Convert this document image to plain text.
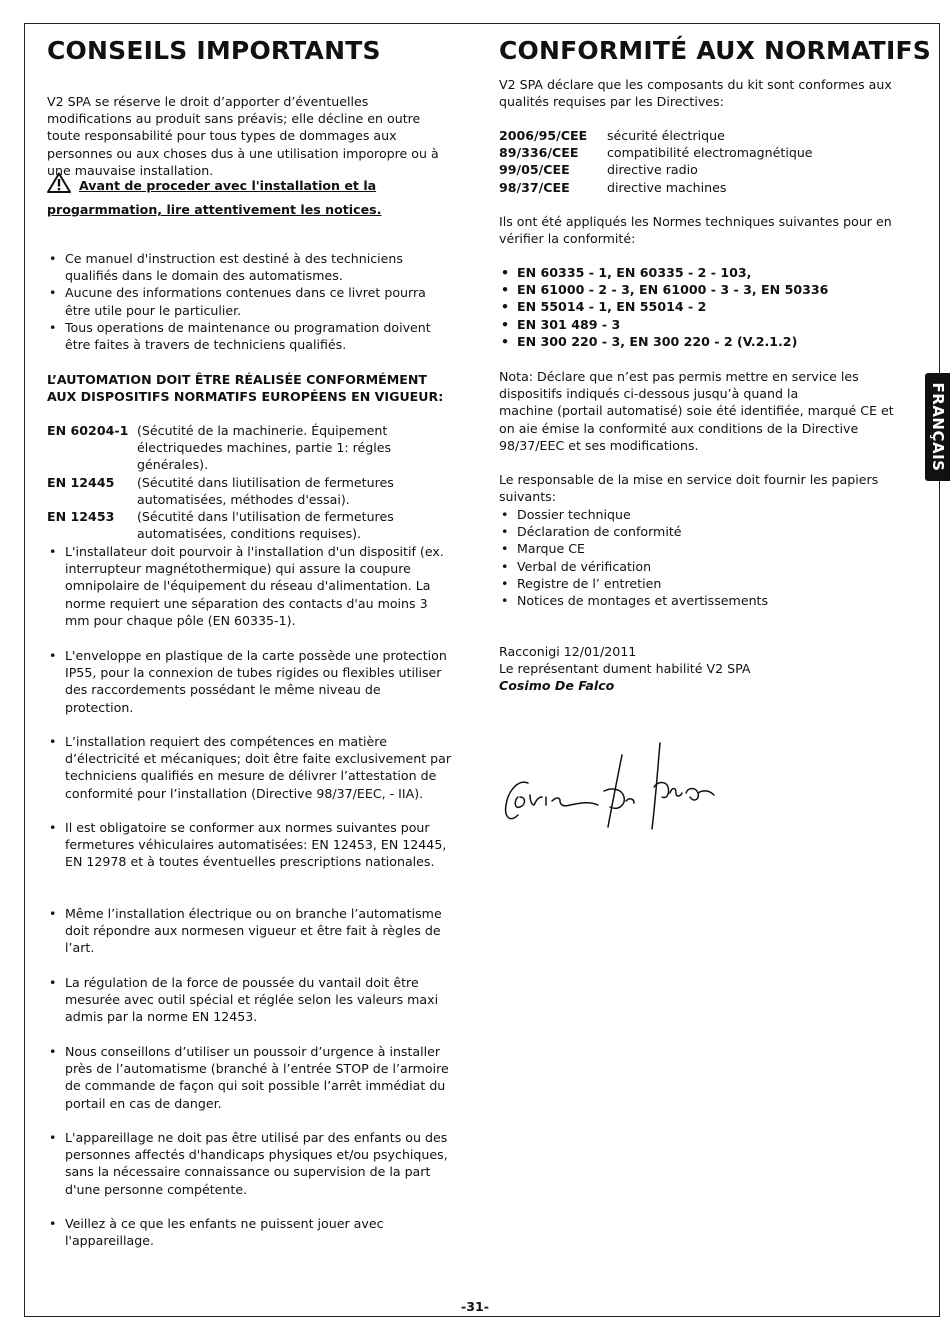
CONSEILS IMPORTANTS

V2 SPA se réserve le droit d’apporter d’éventuelles modifications au produit sans préavis; elle décline en outre toute responsabilité pour tous types de dommages aux personnes ou aux choses dus à une utilisation imporopre ou à une mauvaise installation.

Avant de proceder avec l'installation et la progarmmation, lire attentivement les notices.
• Ce manuel d'instruction est destiné à des techniciens qualifiés dans le domain des automatismes.
• Aucune des informations contenues dans ce livret pourra être utile pour le particulier.
• Tous operations de maintenance ou programation doivent être faites à travers de techniciens qualifiés.

L’AUTOMATION DOIT ÊTRE RÉALISÉE CONFORMÉMENT AUX DISPOSITIFS NORMATIFS EUROPÉENS EN VIGUEUR:

EN 60204-1 (Sécutité de la machinerie. Équipement électriquedes machines, partie 1: régles générales).
EN 12445	(Sécutité dans liutilisation de fermetures automatisées, méthodes d'essai).
EN 12453	(Sécutité dans l'utilisation de fermetures automatisées, conditions requises).
• L'installateur doit pourvoir à l'installation d'un dispositif (ex. interrupteur magnétothermique) qui assure la coupure omnipolaire de l'équipement du réseau d'alimentation. La norme requiert une séparation des contacts d'au moins 3 mm pour chaque pôle (EN 60335-1).
• L'enveloppe en plastique de la carte possède une protection IP55, pour la connexion de tubes rigides ou flexibles utiliser des raccordements possédant le même niveau de protection.
• L’installation requiert des compétences en matière d’électricité et mécaniques; doit être faite exclusivement par techniciens qualifiés en mesure de délivrer l’attestation de conformité pour l’installation (Directive 98/37/EEC, - IIA).
• Il est obligatoire se conformer aux normes suivantes pour fermetures véhiculaires automatisées: EN 12453, EN 12445, EN 12978 et à toutes éventuelles prescriptions nationales.
• Même l’installation électrique ou on branche l’automatisme doit répondre aux normesen vigueur et être fait à règles de l’art.
• La régulation de la force de poussée du vantail doit être mesurée avec outil spécial et réglée selon les valeurs maxi admis par la norme EN 12453.
• Nous conseillons d’utiliser un poussoir d’urgence à installer près de l’automatisme (branché à l’entrée STOP de l’armoire de commande de façon qui soit possible l’arrêt immédiat du portail en cas de danger.
• L'appareillage ne doit pas être utilisé par des enfants ou des personnes affectés d'handicaps physiques et/ou psychiques, sans la nécessaire connaissance ou supervision de la part d'une personne compétente.
• Veillez à ce que les enfants ne puissent jouer avec l'appareillage.
CONFORMITÉ AUX NORMATIFS

V2 SPA déclare que les composants du kit sont conformes aux qualités requises par les Directives:

2006/95/CEE	sécurité électrique
89/336/CEE	compatibilité electromagnétique
99/05/CEE	directive radio
98/37/CEE	directive machines

Ils ont été appliqués les Normes techniques suivantes pour en vérifier la conformité:

• EN 60335 - 1, EN 60335 - 2 - 103,
• EN 61000 - 2 - 3, EN 61000 - 3 - 3, EN 50336
• EN 55014 - 1, EN 55014 - 2
• EN 301 489 - 3
• EN 300 220 - 3, EN 300 220 - 2 (V.2.1.2)
Nota: Déclare que n’est pas permis mettre en service les
dispositifs indiqués ci-dessous jusqu’à quand la
machine (portail automatisé) soie été identifiée, marqué CE et on aie émise la conformité aux conditions de la Directive 98/37/EEC et ses modifications.

Le responsable de la mise en service doit fournir les papiers suivants:

• Dossier technique
• Déclaration de conformité
• Marque CE
• Verbal de vérification
• Registre de l’ entretien
• Notices de montages et avertissements
Racconigi 12/01/2011
Le représentant dument habilité V2 SPA
Cosimo De Falco
FRANÇAIS
-31-
